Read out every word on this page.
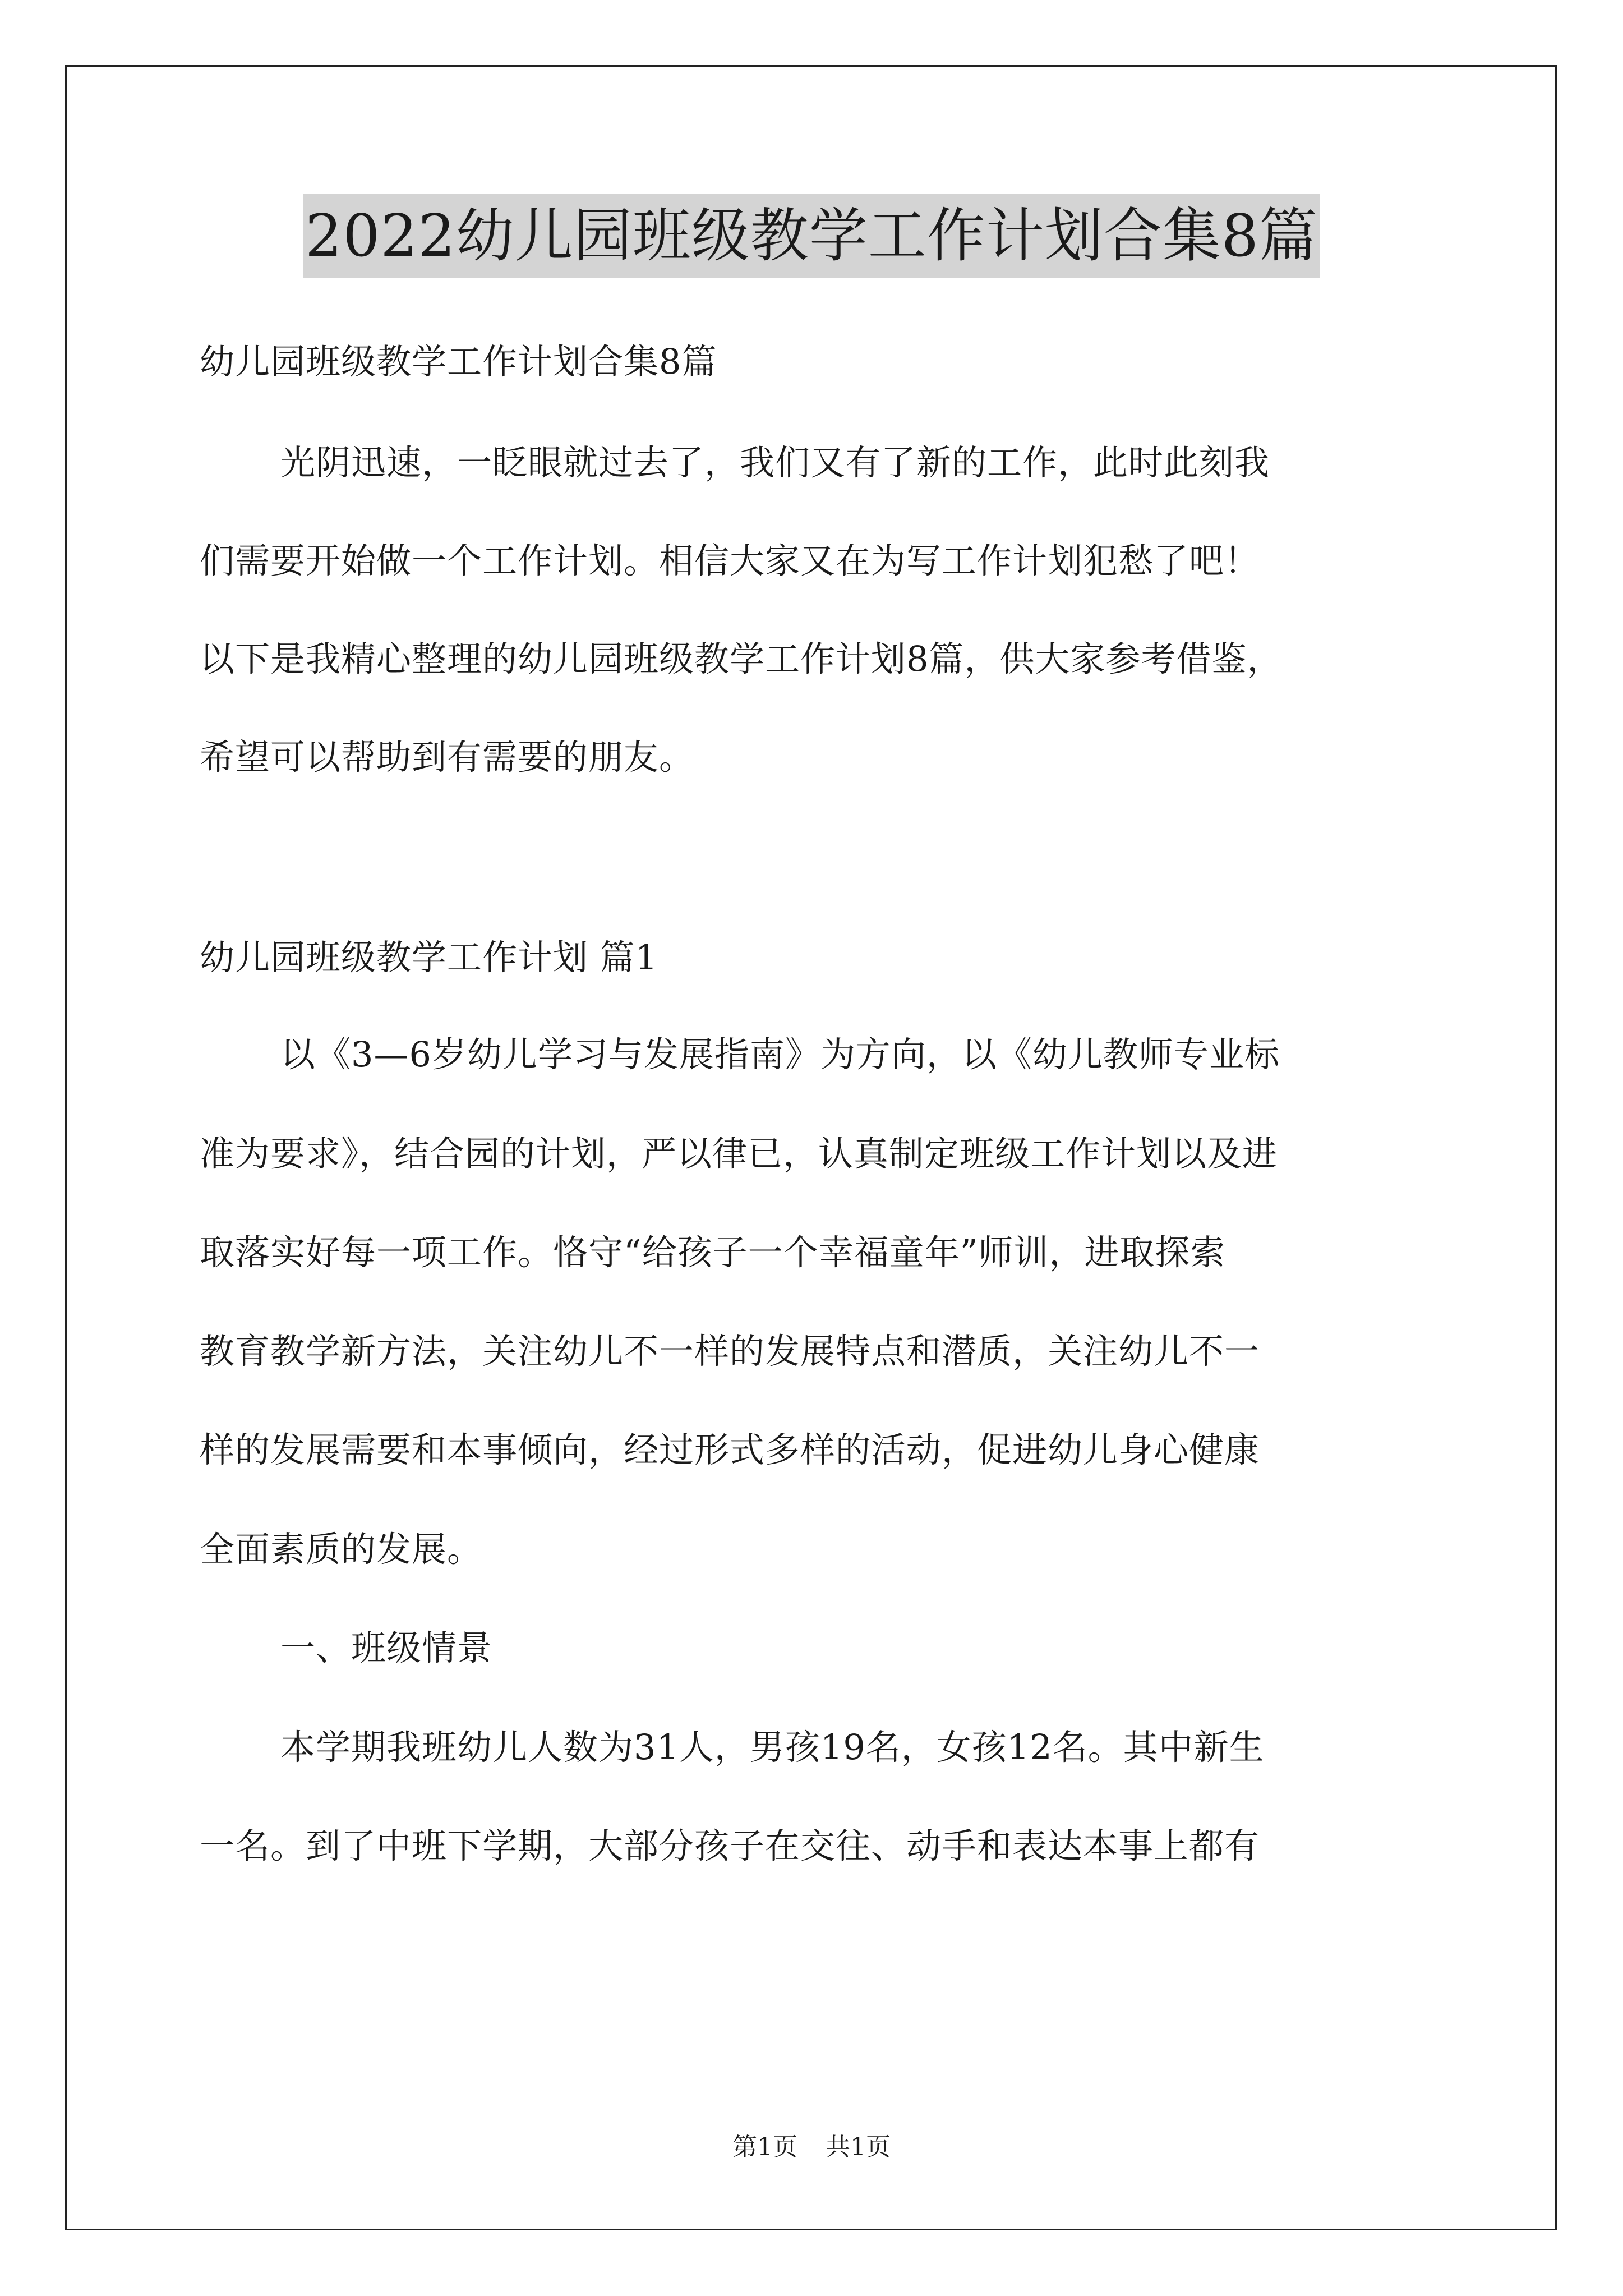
2022幼儿园班级教学工作计划合集8篇
幼儿园班级教学工作计划合集8篇
光阴迅速，一眨眼就过去了，我们又有了新的工作，此时此刻我
们需要开始做一个工作计划。相信大家又在为写工作计划犯愁了吧！
以下是我精心整理的幼儿园班级教学工作计划8篇，供大家参考借鉴，
希望可以帮助到有需要的朋友。
幼儿园班级教学工作计划 篇1
以《3—6岁幼儿学习与发展指南》为方向，以《幼儿教师专业标
准为要求》，结合园的计划，严以律已，认真制定班级工作计划以及进
取落实好每一项工作。恪守“给孩子一个幸福童年”师训，进取探索
教育教学新方法，关注幼儿不一样的发展特点和潜质，关注幼儿不一
样的发展需要和本事倾向，经过形式多样的活动，促进幼儿身心健康
全面素质的发展。
一、班级情景
本学期我班幼儿人数为31人，男孩19名，女孩12名。其中新生
一名。到了中班下学期，大部分孩子在交往、动手和表达本事上都有
第1页 共1页
